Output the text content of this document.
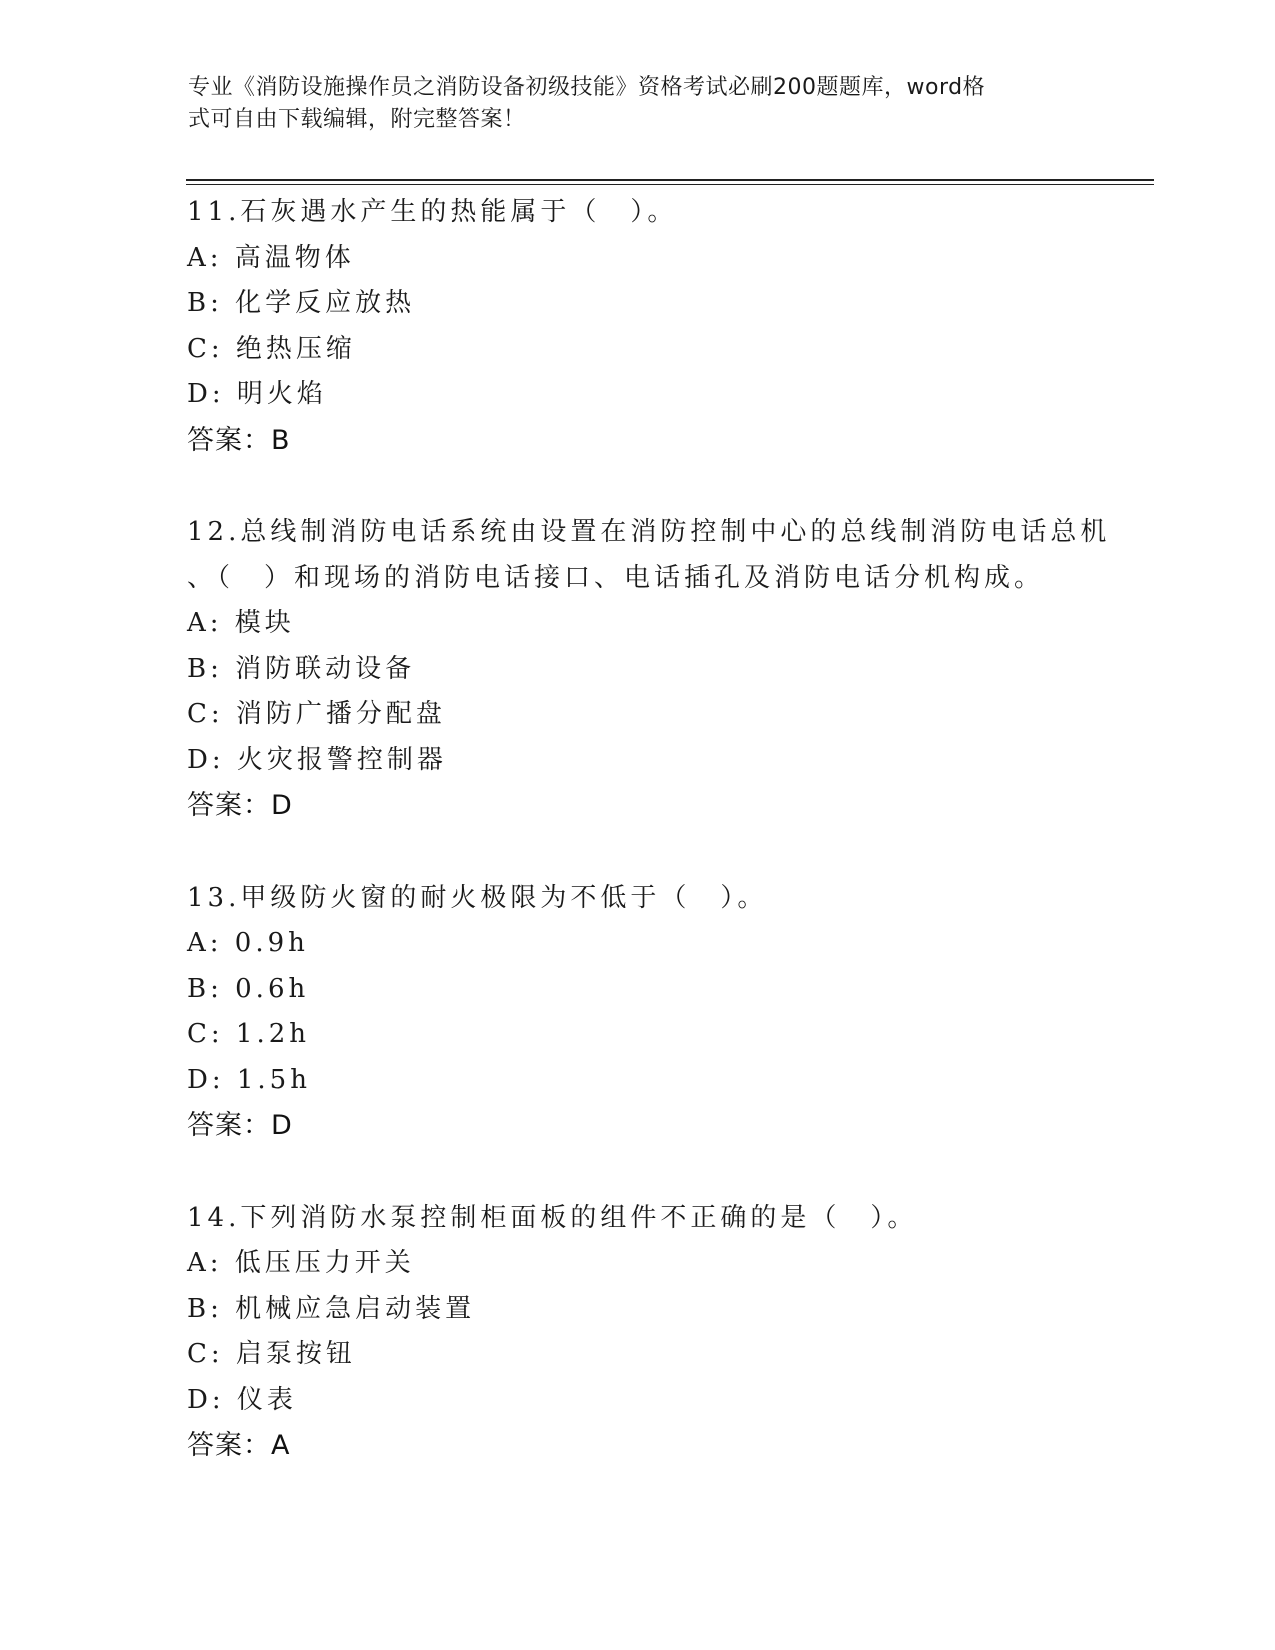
专业《消防设施操作员之消防设备初级技能》资格考试必刷200题题库，word格
式可自由下载编辑，附完整答案！
11.石灰遇水产生的热能属于（　）。
A: 高温物体
B: 化学反应放热
C: 绝热压缩
D: 明火焰
答案：B
12.总线制消防电话系统由设置在消防控制中心的总线制消防电话总机
、（　）和现场的消防电话接口、电话插孔及消防电话分机构成。
A: 模块
B: 消防联动设备
C: 消防广播分配盘
D: 火灾报警控制器
答案：D
13.甲级防火窗的耐火极限为不低于（　）。
A: 0.9h
B: 0.6h
C: 1.2h
D: 1.5h
答案：D
14.下列消防水泵控制柜面板的组件不正确的是（　）。
A: 低压压力开关
B: 机械应急启动装置
C: 启泵按钮
D: 仪表
答案：A
